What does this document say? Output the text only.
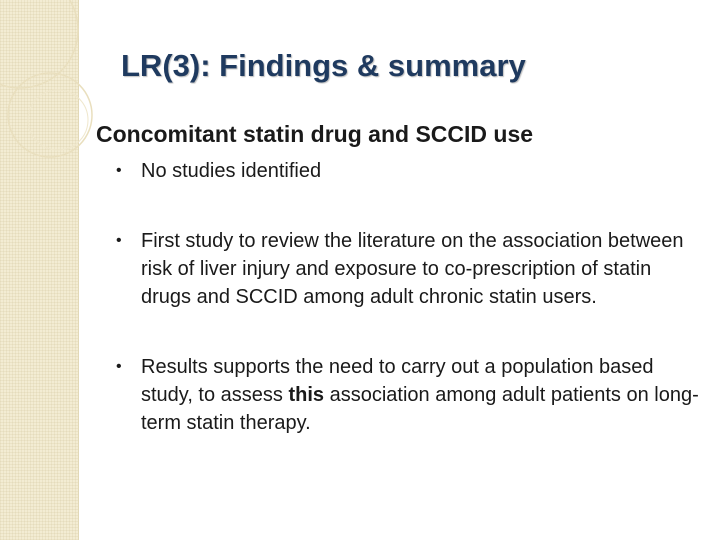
LR(3): Findings & summary
Concomitant statin drug and SCCID use
• No studies identified
• First study to review the literature on the association between risk of liver injury and exposure to co-prescription of statin drugs and SCCID among adult chronic statin users.
• Results supports the need to carry out a population based study, to assess this association among adult patients on long-term statin therapy.
